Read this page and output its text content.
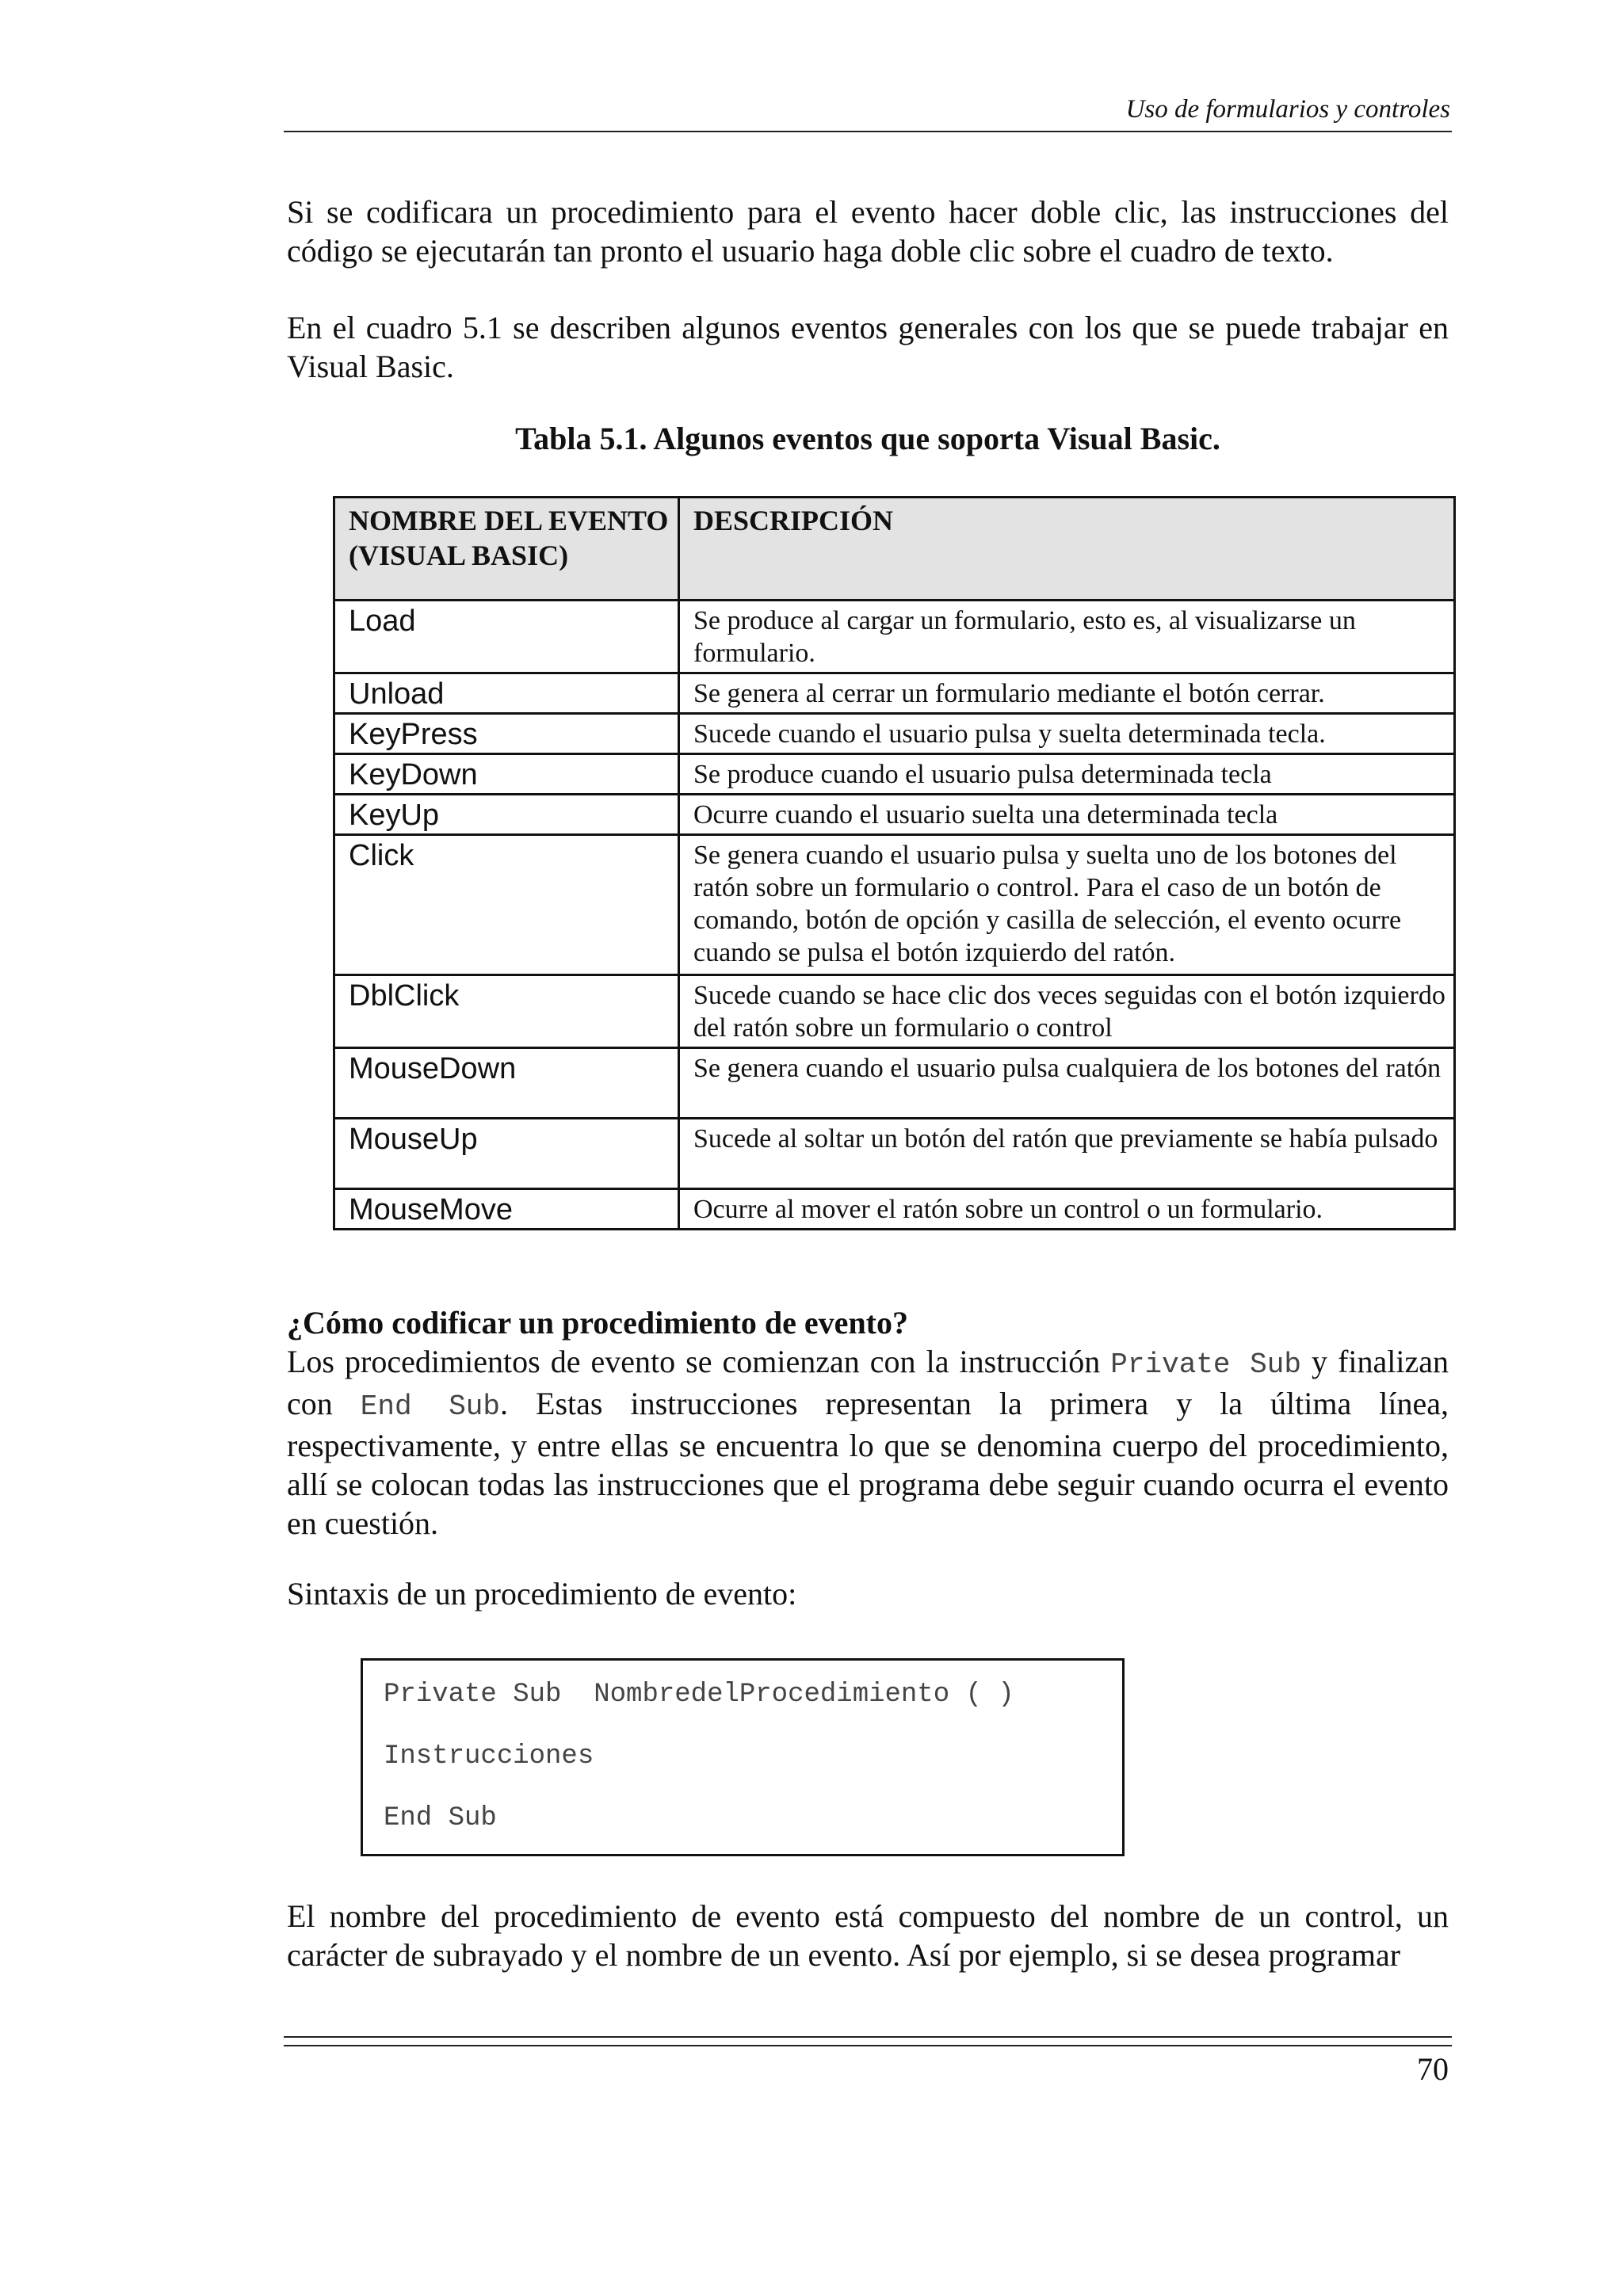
Uso de formularios y controles

Si se codificara un procedimiento para el evento hacer doble clic, las instrucciones del código se ejecutarán tan pronto el usuario haga doble clic sobre el cuadro de texto.

En el cuadro 5.1 se describen algunos eventos generales con los que se puede trabajar en Visual Basic.

Tabla 5.1. Algunos eventos que soporta Visual Basic.
NOMBRE DEL EVENTO (VISUAL BASIC)	DESCRIPCIÓN
Load	Se produce al cargar un formulario, esto es, al visualizarse un formulario.
Unload	Se genera al cerrar un formulario mediante el botón cerrar.
KeyPress	Sucede cuando el usuario pulsa y suelta determinada tecla.
KeyDown	Se produce cuando el usuario pulsa determinada tecla
KeyUp	Ocurre cuando el usuario suelta una determinada tecla
Click	Se genera cuando el usuario pulsa y suelta uno de los botones del ratón sobre un formulario o control. Para el caso de un botón de comando, botón de opción y casilla de selección, el evento ocurre cuando se pulsa el botón izquierdo del ratón.
DblClick	Sucede cuando se hace clic dos veces seguidas con el botón izquierdo del ratón sobre un formulario o control
MouseDown	Se genera cuando el usuario pulsa cualquiera de los botones del ratón
MouseUp	Sucede al soltar un botón del ratón que previamente se había pulsado
MouseMove	Ocurre al mover el ratón sobre un control o un formulario.
¿Cómo codificar un procedimiento de evento?

Los procedimientos de evento se comienzan con la instrucción Private Sub y finalizan con End Sub. Estas instrucciones representan la primera y la última línea, respectivamente, y entre ellas se encuentra lo que se denomina cuerpo del procedimiento, allí se colocan todas las instrucciones que el programa debe seguir cuando ocurra el evento en cuestión.

Sintaxis de un procedimiento de evento:

Private Sub  NombredelProcedimiento ( )
Instrucciones
End Sub

El nombre del procedimiento de evento está compuesto del nombre de un control, un carácter de subrayado y el nombre de un evento. Así por ejemplo, si se desea programar

70
